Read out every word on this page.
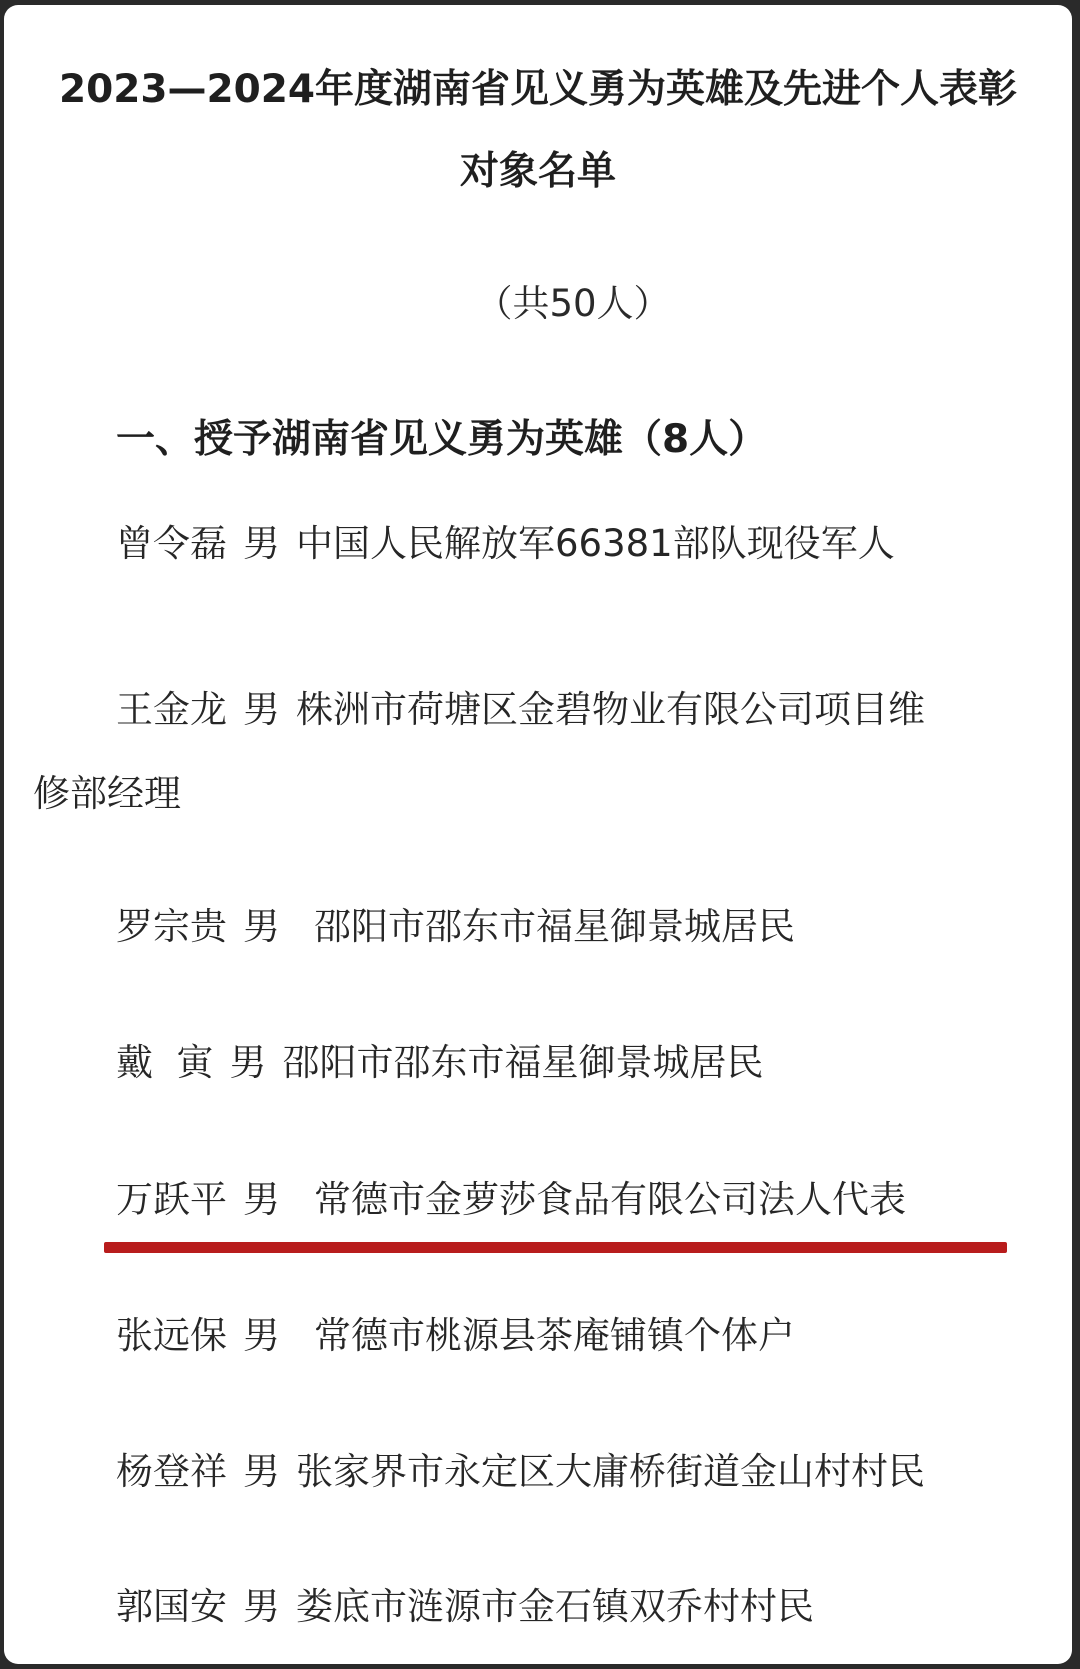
2023—2024年度湖南省见义勇为英雄及先进个人表彰
对象名单
（共50人）
一、授予湖南省见义勇为英雄（8人）
曾令磊 男 中国人民解放军66381部队现役军人
王金龙 男 株洲市荷塘区金碧物业有限公司项目维
修部经理
罗宗贵 男 邵阳市邵东市福星御景城居民
戴  寅 男 邵阳市邵东市福星御景城居民
万跃平 男 常德市金萝莎食品有限公司法人代表
张远保 男 常德市桃源县茶庵铺镇个体户
杨登祥 男 张家界市永定区大庸桥街道金山村村民
郭国安 男 娄底市涟源市金石镇双乔村村民
